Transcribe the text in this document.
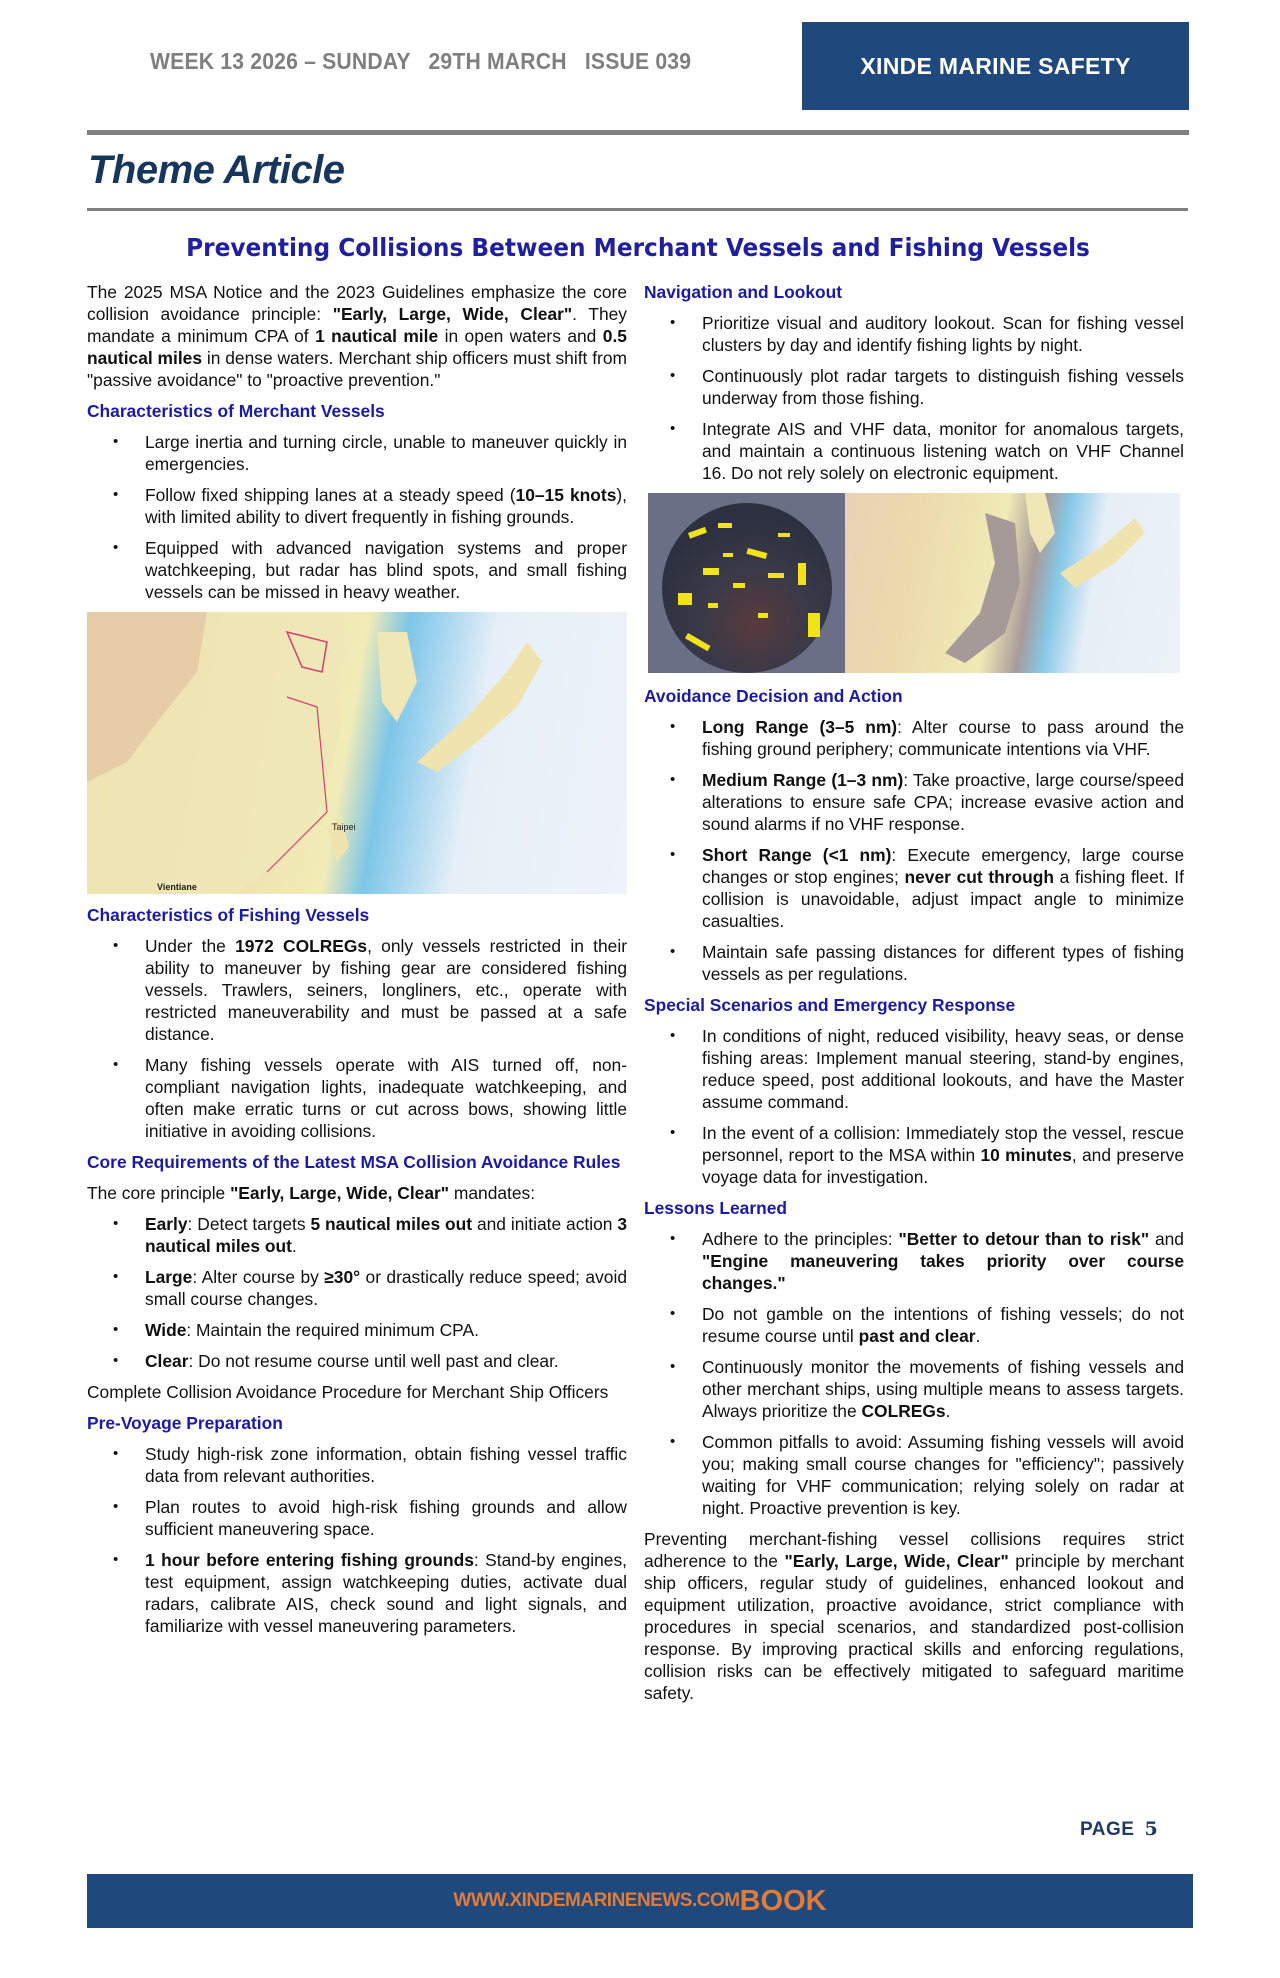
WEEK 13 2026 – SUNDAY   29TH MARCH   ISSUE 039	XINDE MARINE SAFETY
Theme Article
Preventing Collisions Between Merchant Vessels and Fishing Vessels

The 2025 MSA Notice and the 2023 Guidelines emphasize the core collision avoidance principle: "Early, Large, Wide, Clear". They mandate a minimum CPA of 1 nautical mile in open waters and 0.5 nautical miles in dense waters. Merchant ship officers must shift from "passive avoidance" to "proactive prevention."

Characteristics of Merchant Vessels
• Large inertia and turning circle, unable to maneuver quickly in emergencies.
• Follow fixed shipping lanes at a steady speed (10–15 knots), with limited ability to divert frequently in fishing grounds.
• Equipped with advanced navigation systems and proper watchkeeping, but radar has blind spots, and small fishing vessels can be missed in heavy weather.
Taipei
Vientiane
Characteristics of Fishing Vessels
• Under the 1972 COLREGs, only vessels restricted in their ability to maneuver by fishing gear are considered fishing vessels. Trawlers, seiners, longliners, etc., operate with restricted maneuverability and must be passed at a safe distance.
• Many fishing vessels operate with AIS turned off, non-compliant navigation lights, inadequate watchkeeping, and often make erratic turns or cut across bows, showing little initiative in avoiding collisions.
Core Requirements of the Latest MSA Collision Avoidance Rules

The core principle "Early, Large, Wide, Clear" mandates:

• Early: Detect targets 5 nautical miles out and initiate action 3 nautical miles out.
• Large: Alter course by ≥30° or drastically reduce speed; avoid small course changes.
• Wide: Maintain the required minimum CPA.
• Clear: Do not resume course until well past and clear.

Complete Collision Avoidance Procedure for Merchant Ship Officers

Pre-Voyage Preparation
• Study high-risk zone information, obtain fishing vessel traffic data from relevant authorities.
• Plan routes to avoid high-risk fishing grounds and allow sufficient maneuvering space.
• 1 hour before entering fishing grounds: Stand-by engines, test equipment, assign watchkeeping duties, activate dual radars, calibrate AIS, check sound and light signals, and familiarize with vessel maneuvering parameters.
Navigation and Lookout
• Prioritize visual and auditory lookout. Scan for fishing vessel clusters by day and identify fishing lights by night.
• Continuously plot radar targets to distinguish fishing vessels underway from those fishing.
• Integrate AIS and VHF data, monitor for anomalous targets, and maintain a continuous listening watch on VHF Channel 16. Do not rely solely on electronic equipment.
Avoidance Decision and Action
• Long Range (3–5 nm): Alter course to pass around the fishing ground periphery; communicate intentions via VHF.
• Medium Range (1–3 nm): Take proactive, large course/speed alterations to ensure safe CPA; increase evasive action and sound alarms if no VHF response.
• Short Range (<1 nm): Execute emergency, large course changes or stop engines; never cut through a fishing fleet. If collision is unavoidable, adjust impact angle to minimize casualties.
• Maintain safe passing distances for different types of fishing vessels as per regulations.
Special Scenarios and Emergency Response
• In conditions of night, reduced visibility, heavy seas, or dense fishing areas: Implement manual steering, stand-by engines, reduce speed, post additional lookouts, and have the Master assume command.
• In the event of a collision: Immediately stop the vessel, rescue personnel, report to the MSA within 10 minutes, and preserve voyage data for investigation.
Lessons Learned
• Adhere to the principles: "Better to detour than to risk" and "Engine maneuvering takes priority over course changes."
• Do not gamble on the intentions of fishing vessels; do not resume course until past and clear.
• Continuously monitor the movements of fishing vessels and other merchant ships, using multiple means to assess targets. Always prioritize the COLREGs.
• Common pitfalls to avoid: Assuming fishing vessels will avoid you; making small course changes for "efficiency"; passively waiting for VHF communication; relying solely on radar at night. Proactive prevention is key.

Preventing merchant-fishing vessel collisions requires strict adherence to the "Early, Large, Wide, Clear" principle by merchant ship officers, regular study of guidelines, enhanced lookout and equipment utilization, proactive avoidance, strict compliance with procedures in special scenarios, and standardized post-collision response. By improving practical skills and enforcing regulations, collision risks can be effectively mitigated to safeguard maritime safety.

PAGE 5
WWW.XINDEMARINENEWS.COM BOOK
